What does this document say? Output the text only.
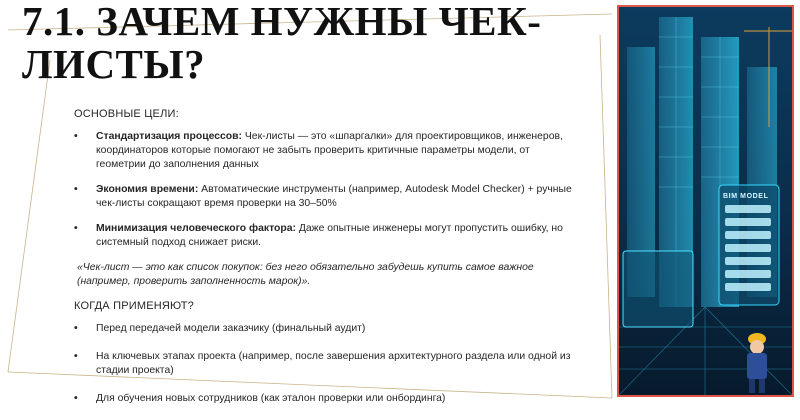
7.1. ЗАЧЕМ НУЖНЫ ЧЕК-
ЛИСТЫ?
ОСНОВНЫЕ ЦЕЛИ:
• Стандартизация процессов: Чек-листы — это «шпаргалки» для проектировщиков, инженеров, координаторов которые помогают не забыть проверить критичные параметры модели, от геометрии до заполнения данных
• Экономия времени: Автоматические инструменты (например, Autodesk Model Checker) + ручные чек-листы сокращают время проверки на 30–50%
• Минимизация человеческого фактора: Даже опытные инженеры могут пропустить ошибку, но системный подход снижает риски.
«Чек-лист — это как список покупок: без него обязательно забудешь купить самое важное (например, проверить заполненность марок)».
КОГДА ПРИМЕНЯЮТ?
• Перед передачей модели заказчику (финальный аудит)
• На ключевых этапах проекта (например, после завершения архитектурного раздела или одной из стадии проекта)
• Для обучения новых сотрудников (как эталон проверки или онбординга)
BIM MODEL
